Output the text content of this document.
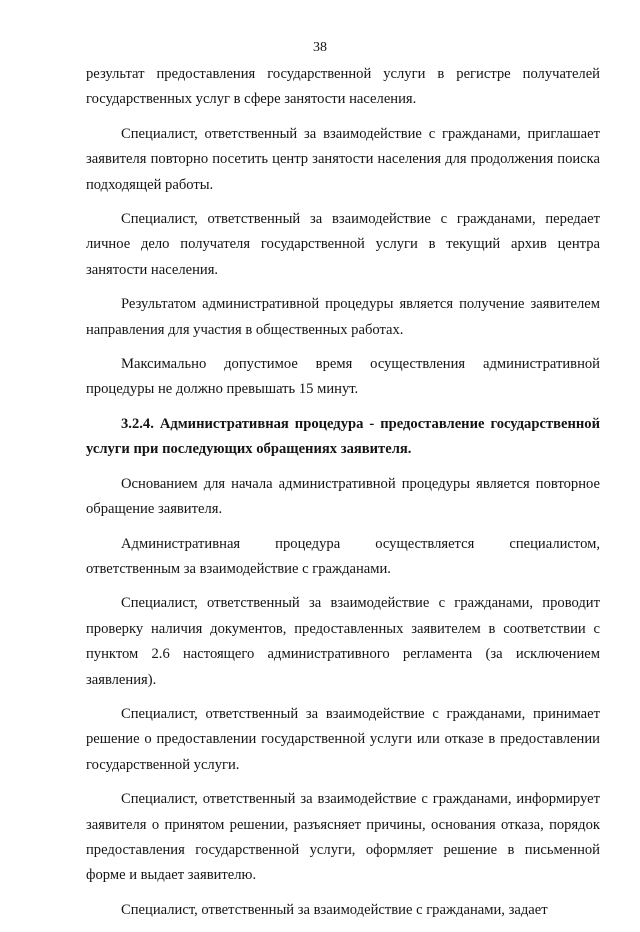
38

результат предоставления государственной услуги в регистре получателей государственных услуг в сфере занятости населения.

Специалист, ответственный за взаимодействие с гражданами, приглашает заявителя повторно посетить центр занятости населения для продолжения поиска подходящей работы.

Специалист, ответственный за взаимодействие с гражданами, передает личное дело получателя государственной услуги в текущий архив центра занятости населения.

Результатом административной процедуры является получение заявителем направления для участия в общественных работах.

Максимально допустимое время осуществления административной процедуры не должно превышать 15 минут.

3.2.4. Административная процедура - предоставление государственной услуги при последующих обращениях заявителя.

Основанием для начала административной процедуры является повторное обращение заявителя.

Административная процедура осуществляется специалистом, ответственным за взаимодействие с гражданами.

Специалист, ответственный за взаимодействие с гражданами, проводит проверку наличия документов, предоставленных заявителем в соответствии с пунктом 2.6 настоящего административного регламента (за исключением заявления).

Специалист, ответственный за взаимодействие с гражданами, принимает решение о предоставлении государственной услуги или отказе в предоставлении государственной услуги.

Специалист, ответственный за взаимодействие с гражданами, информирует заявителя о принятом решении, разъясняет причины, основания отказа, порядок предоставления государственной услуги, оформляет решение в письменной форме и выдает заявителю.

Специалист, ответственный за взаимодействие с гражданами, задает
